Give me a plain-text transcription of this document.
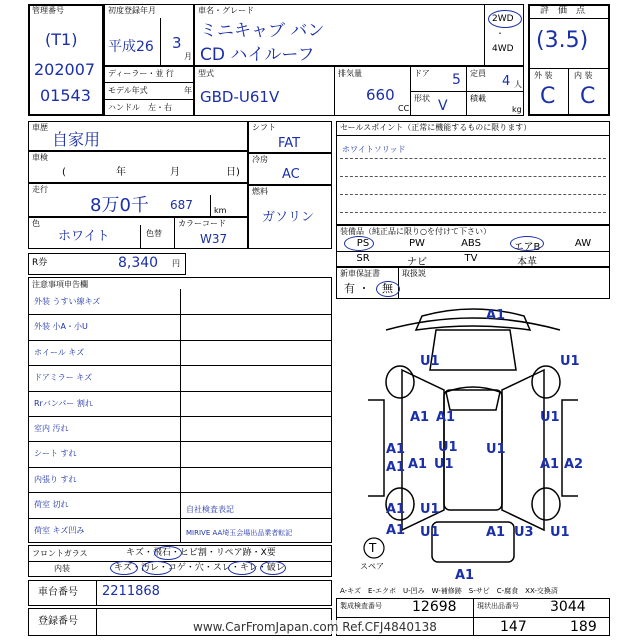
管理番号
(T1)
202007
01543
初度登録年月
平成26 3
月
ディーラー・並 行
モデル年式	年
ハンドル　左・右
車名・グレード
ミニキャブ バン
CD ハイルーフ
2WD
・
4WD
型式
GBD-U61V
排気量
660
CC
ドア 5
形状 V
定員
4 人
積載
kg
評　価　点
(3.5)
外 装	内 装
C C
車歴
自家用
車検
(	年	月	日)
走行
8万0千 687	km
色
ホワイト	色替
カラーコード
W37
シフト
FAT
冷房
AC
燃料
ガソリン
R券	8,340 円
セールスポイント（正常に機能するものに限ります）
ホワイトソリッド
装備品（純正品に限り○を付けて下さい）
PS	PW	ABS	エアB	AW
SR	ナビ	TV	本革
新車保証書	取扱説
有 ・ 無
注意事項申告欄
外装 うすい線キズ
外装 小A・小U
ホイール キズ
ドアミラー キズ
Rrバンパー 割れ
室内 汚れ
シート すれ
内張り すれ
荷室 切れ
荷室 キズ凹み
自社検査表記
MIRIVE AA埼玉会場出品業者転記
フロントガラス	キズ・飛石・ヒビ割・リペア跡・X要
内装	キズ・汚レ・コゲ・穴・スレ・キレ・破レ
車台番号 2211868
登録番号
A1
U1	U1
A1
U1
A1 A1
U1
A1 A1 U1	A2
U1
A1
U1
A1
A1	A1 U3 U1
U1
A1
T
スペア
A-キズ　E-エクボ　U-凹み　W-補修跡　S-サビ　C-腐食　XX-交換済
製成検査番号 12698	現状出品番号 3044
147	189
www.CarFromJapan.com Ref.CFJ4840138
